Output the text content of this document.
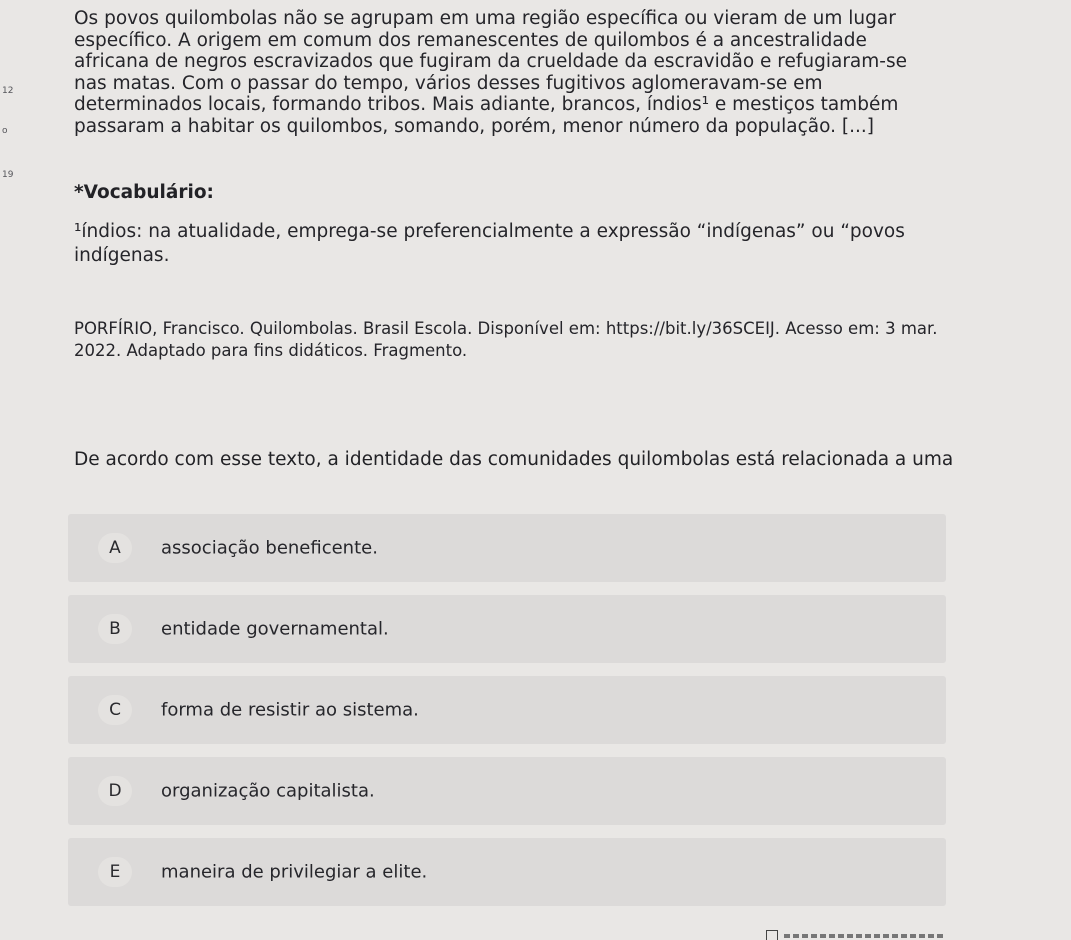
12
o
19

Os povos quilombolas não se agrupam em uma região específica ou vieram de um lugar

específico. A origem em comum dos remanescentes de quilombos é a ancestralidade

africana de negros escravizados que fugiram da crueldade da escravidão e refugiaram-se

nas matas. Com o passar do tempo, vários desses fugitivos aglomeravam-se em

determinados locais, formando tribos. Mais adiante, brancos, índios¹ e mestiços também

passaram a habitar os quilombos, somando, porém, menor número da população. [...]

*Vocabulário:
¹índios: na atualidade, emprega-se preferencialmente a expressão “indígenas” ou “povos indígenas.
PORFÍRIO, Francisco. Quilombolas. Brasil Escola. Disponível em: https://bit.ly/36SCEIJ. Acesso em: 3 mar. 2022. Adaptado para fins didáticos. Fragmento.
De acordo com esse texto, a identidade das comunidades quilombolas está relacionada a uma
A	associação beneficente.
B	entidade governamental.
C	forma de resistir ao sistema.
D	organização capitalista.
E	maneira de privilegiar a elite.
